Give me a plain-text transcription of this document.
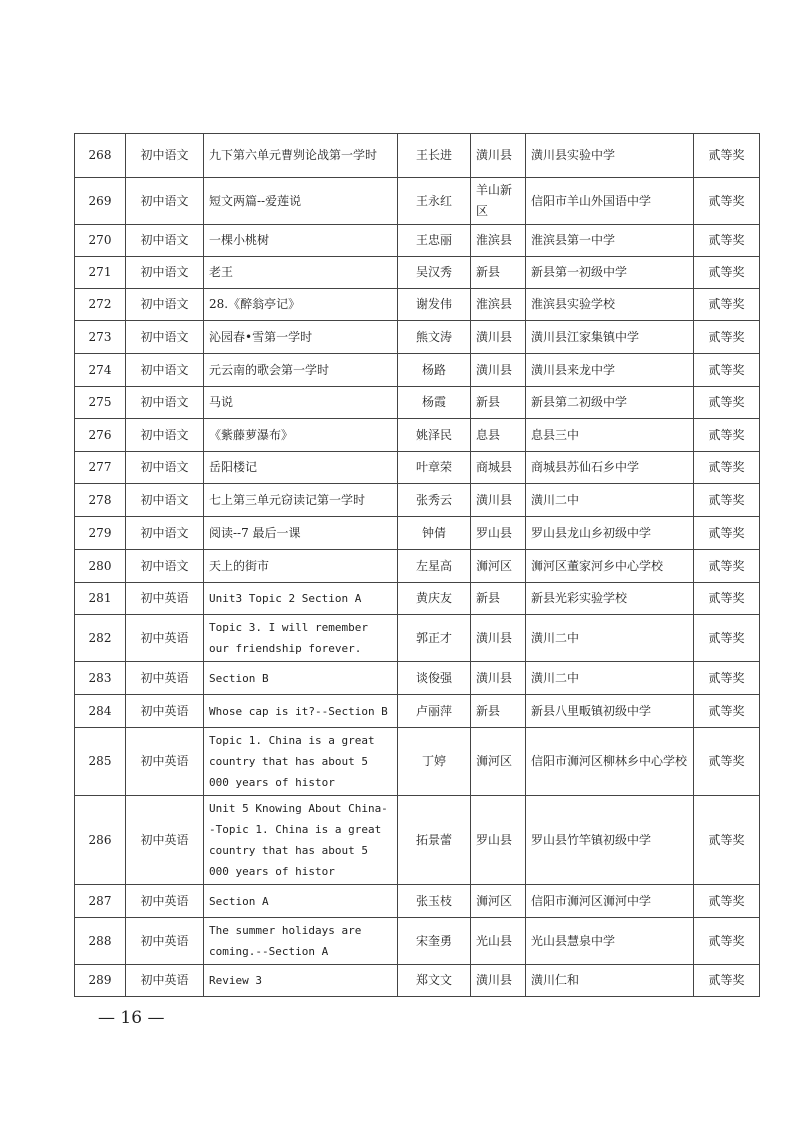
268	初中语文	九下第六单元曹刿论战第一学时	王长进	潢川县	潢川县实验中学	贰等奖
269	初中语文	短文两篇--爱莲说	王永红	羊山新区	信阳市羊山外国语中学	贰等奖
270	初中语文	一棵小桃树	王忠丽	淮滨县	淮滨县第一中学	贰等奖
271	初中语文	老王	吴汉秀	新县	新县第一初级中学	贰等奖
272	初中语文	28.《醉翁亭记》	谢发伟	淮滨县	淮滨县实验学校	贰等奖
273	初中语文	沁园春•雪第一学时	熊文涛	潢川县	潢川县江家集镇中学	贰等奖
274	初中语文	元云南的歌会第一学时	杨路	潢川县	潢川县来龙中学	贰等奖
275	初中语文	马说	杨霞	新县	新县第二初级中学	贰等奖
276	初中语文	《紫藤萝瀑布》	姚泽民	息县	息县三中	贰等奖
277	初中语文	岳阳楼记	叶章荣	商城县	商城县苏仙石乡中学	贰等奖
278	初中语文	七上第三单元窃读记第一学时	张秀云	潢川县	潢川二中	贰等奖
279	初中语文	阅读--7 最后一课	钟倩	罗山县	罗山县龙山乡初级中学	贰等奖
280	初中语文	天上的街市	左星高	浉河区	浉河区董家河乡中心学校	贰等奖
281	初中英语	Unit3 Topic 2 Section A	黄庆友	新县	新县光彩实验学校	贰等奖
282	初中英语	Topic 3. I will remember our friendship forever.	郭正才	潢川县	潢川二中	贰等奖
283	初中英语	Section B	谈俊强	潢川县	潢川二中	贰等奖
284	初中英语	Whose cap is it?--Section B	卢丽萍	新县	新县八里畈镇初级中学	贰等奖
285	初中英语	Topic 1. China is a great country that has about 5 000 years of histor	丁婷	浉河区	信阳市浉河区柳林乡中心学校	贰等奖
286	初中英语	Unit 5 Knowing About China--Topic 1. China is a great country that has about 5 000 years of histor	拓景蕾	罗山县	罗山县竹竿镇初级中学	贰等奖
287	初中英语	Section A	张玉枝	浉河区	信阳市浉河区浉河中学	贰等奖
288	初中英语	The summer holidays are coming.--Section A	宋奎勇	光山县	光山县慧泉中学	贰等奖
289	初中英语	Review 3	郑文文	潢川县	潢川仁和	贰等奖
— 16 —
